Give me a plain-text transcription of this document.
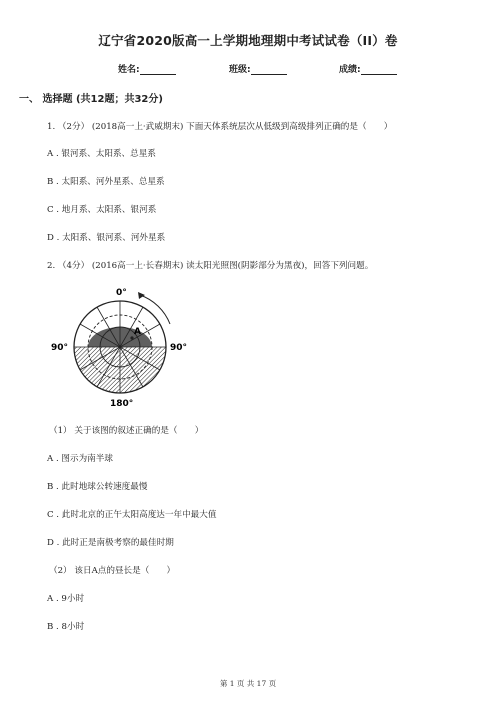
辽宁省2020版高一上学期地理期中考试试卷（II）卷
姓名:	班级:	成绩:
一、 选择题 (共12题；共32分)
1. （2分） (2018高一上·武威期末) 下面天体系统层次从低级到高级排列正确的是（　　）
A . 银河系、太阳系、总星系
B . 太阳系、河外星系、总星系
C . 地月系、太阳系、银河系
D . 太阳系、银河系、河外星系
2. （4分） (2016高一上·长春期末) 读太阳光照图(阴影部分为黑夜)，回答下列问题。
0°
90°	90°
180°
A
（1） 关于该图的叙述正确的是（　　）
A . 图示为南半球
B . 此时地球公转速度最慢
C . 此时北京的正午太阳高度达一年中最大值
D . 此时正是南极考察的最佳时期
（2） 该日A点的昼长是（　　）
A . 9小时
B . 8小时
第 1 页 共 17 页
